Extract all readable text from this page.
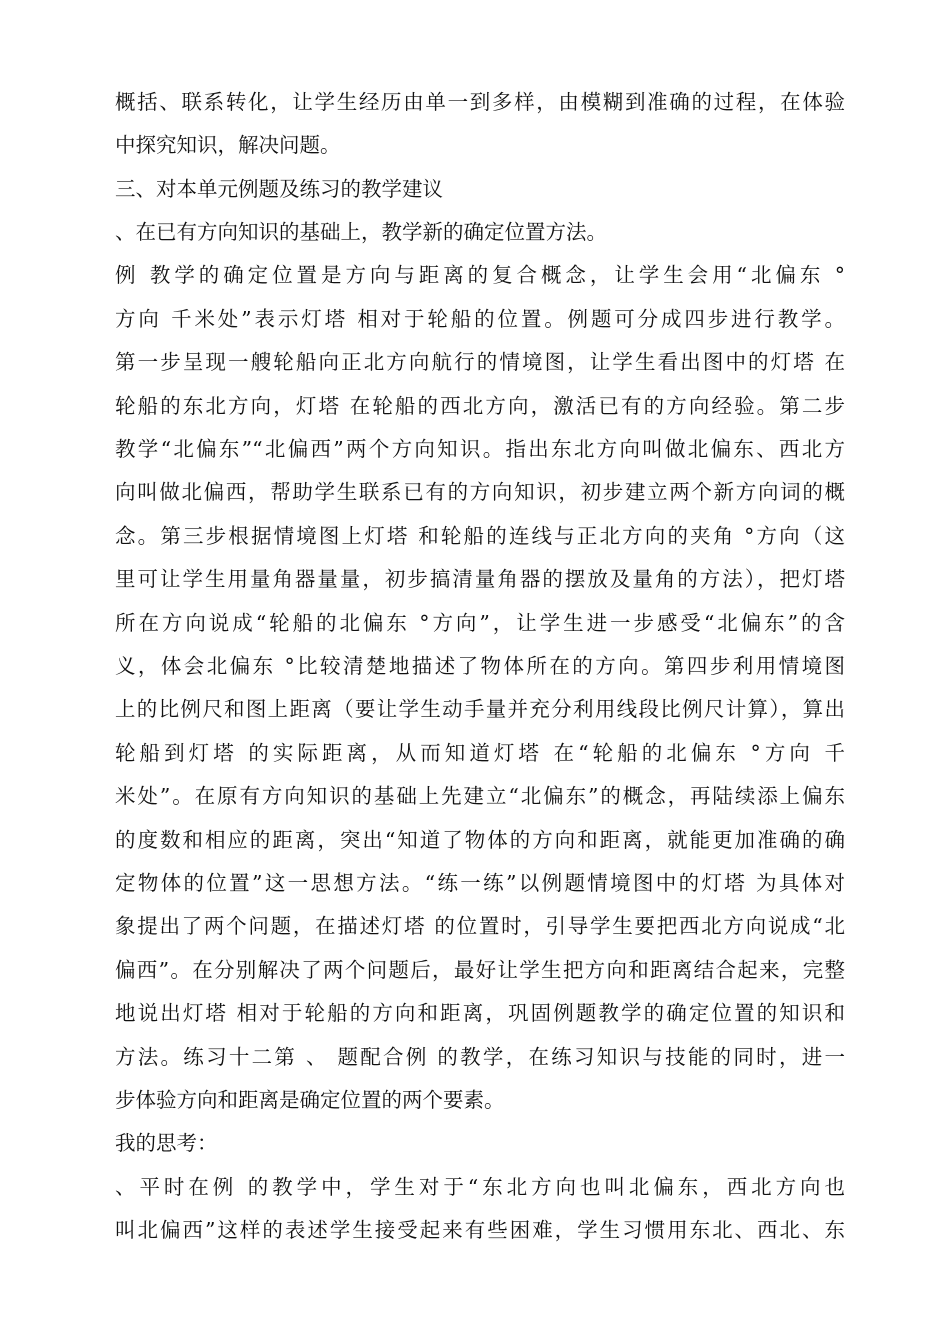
概括、联系转化，让学生经历由单一到多样，由模糊到准确的过程，在体验
中探究知识，解决问题。
三、对本单元例题及练习的教学建议
、在已有方向知识的基础上，教学新的确定位置方法。
例 教学的确定位置是方向与距离的复合概念，让学生会用“北偏东 °
方向 千米处”表示灯塔 相对于轮船的位置。例题可分成四步进行教学。
第一步呈现一艘轮船向正北方向航行的情境图，让学生看出图中的灯塔 在
轮船的东北方向，灯塔 在轮船的西北方向，激活已有的方向经验。第二步
教学“北偏东”“北偏西”两个方向知识。指出东北方向叫做北偏东、西北方
向叫做北偏西，帮助学生联系已有的方向知识，初步建立两个新方向词的概
念。第三步根据情境图上灯塔 和轮船的连线与正北方向的夹角 °方向（这
里可让学生用量角器量量，初步搞清量角器的摆放及量角的方法），把灯塔
所在方向说成“轮船的北偏东 °方向”，让学生进一步感受“北偏东”的含
义，体会北偏东 °比较清楚地描述了物体所在的方向。第四步利用情境图
上的比例尺和图上距离（要让学生动手量并充分利用线段比例尺计算），算出
轮船到灯塔 的实际距离，从而知道灯塔 在“轮船的北偏东 °方向 千
米处”。在原有方向知识的基础上先建立“北偏东”的概念，再陆续添上偏东
的度数和相应的距离，突出“知道了物体的方向和距离，就能更加准确的确
定物体的位置”这一思想方法。“练一练”以例题情境图中的灯塔 为具体对
象提出了两个问题，在描述灯塔 的位置时，引导学生要把西北方向说成“北
偏西”。在分别解决了两个问题后，最好让学生把方向和距离结合起来，完整
地说出灯塔 相对于轮船的方向和距离，巩固例题教学的确定位置的知识和
方法。练习十二第 、 题配合例 的教学，在练习知识与技能的同时，进一
步体验方向和距离是确定位置的两个要素。
我的思考：
、平时在例 的教学中，学生对于“东北方向也叫北偏东，西北方向也
叫北偏西”这样的表述学生接受起来有些困难，学生习惯用东北、西北、东
